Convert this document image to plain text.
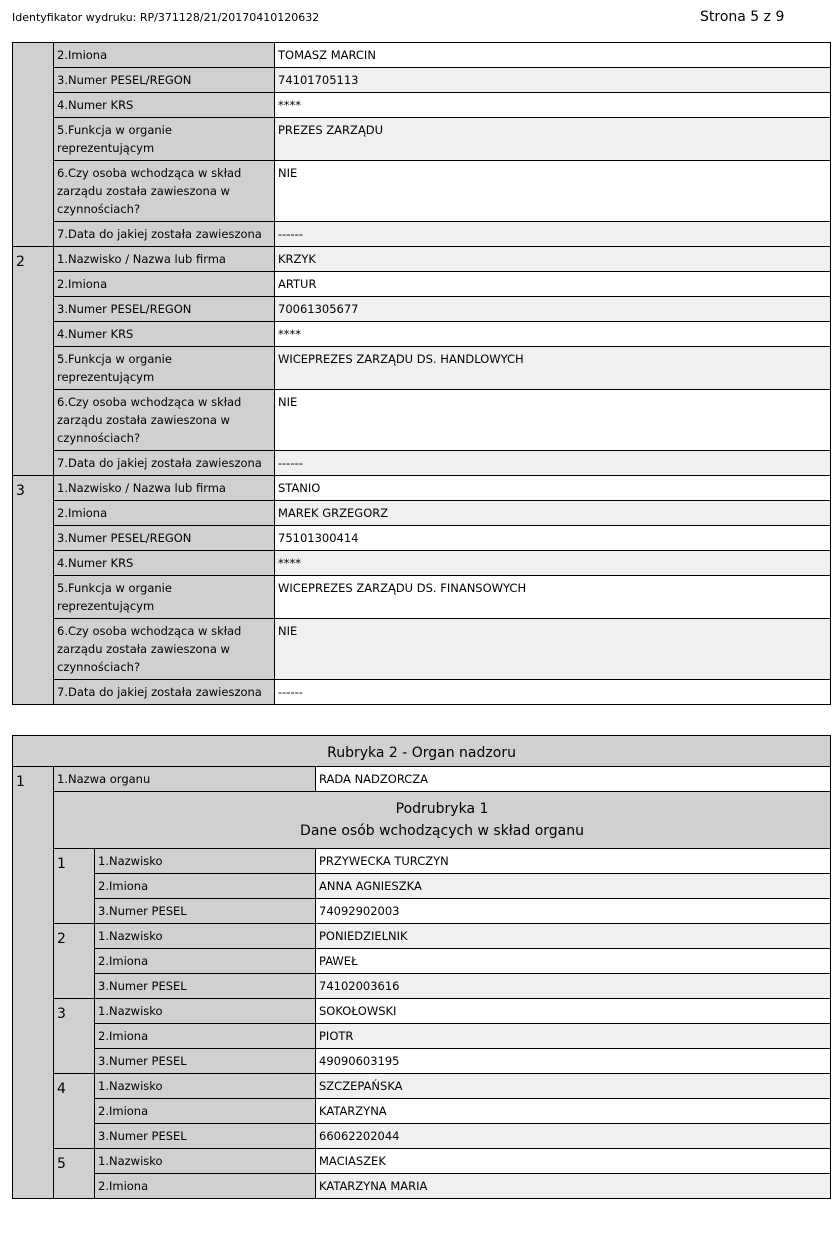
Identyfikator wydruku: RP/371128/21/20170410120632	Strona 5 z 9
	2.Imiona	TOMASZ MARCIN
	3.Numer PESEL/REGON	74101705113
	4.Numer KRS	****
	5.Funkcja w organie reprezentującym	PREZES ZARZĄDU
	6.Czy osoba wchodząca w skład zarządu została zawieszona w czynnościach?	NIE
	7.Data do jakiej została zawieszona	------
2	1.Nazwisko / Nazwa lub firma	KRZYK
	2.Imiona	ARTUR
	3.Numer PESEL/REGON	70061305677
	4.Numer KRS	****
	5.Funkcja w organie reprezentującym	WICEPREZES ZARZĄDU DS. HANDLOWYCH
	6.Czy osoba wchodząca w skład zarządu została zawieszona w czynnościach?	NIE
	7.Data do jakiej została zawieszona	------
3	1.Nazwisko / Nazwa lub firma	STANIO
	2.Imiona	MAREK GRZEGORZ
	3.Numer PESEL/REGON	75101300414
	4.Numer KRS	****
	5.Funkcja w organie reprezentującym	WICEPREZES ZARZĄDU DS. FINANSOWYCH
	6.Czy osoba wchodząca w skład zarządu została zawieszona w czynnościach?	NIE
	7.Data do jakiej została zawieszona	------
Rubryka 2 - Organ nadzoru			
1	1.Nazwa organu		RADA NADZORCZA

	Podrubryka 1
Dane osób wchodzących w skład organu		

	1	1.Nazwisko	PRZYWECKA TURCZYN
		2.Imiona	ANNA AGNIESZKA
		3.Numer PESEL	74092902003
	2	1.Nazwisko	PONIEDZIELNIK
		2.Imiona	PAWEŁ
		3.Numer PESEL	74102003616
	3	1.Nazwisko	SOKOŁOWSKI
		2.Imiona	PIOTR
		3.Numer PESEL	49090603195
	4	1.Nazwisko	SZCZEPAŃSKA
		2.Imiona	KATARZYNA
		3.Numer PESEL	66062202044
	5	1.Nazwisko	MACIASZEK
		2.Imiona	KATARZYNA MARIA
